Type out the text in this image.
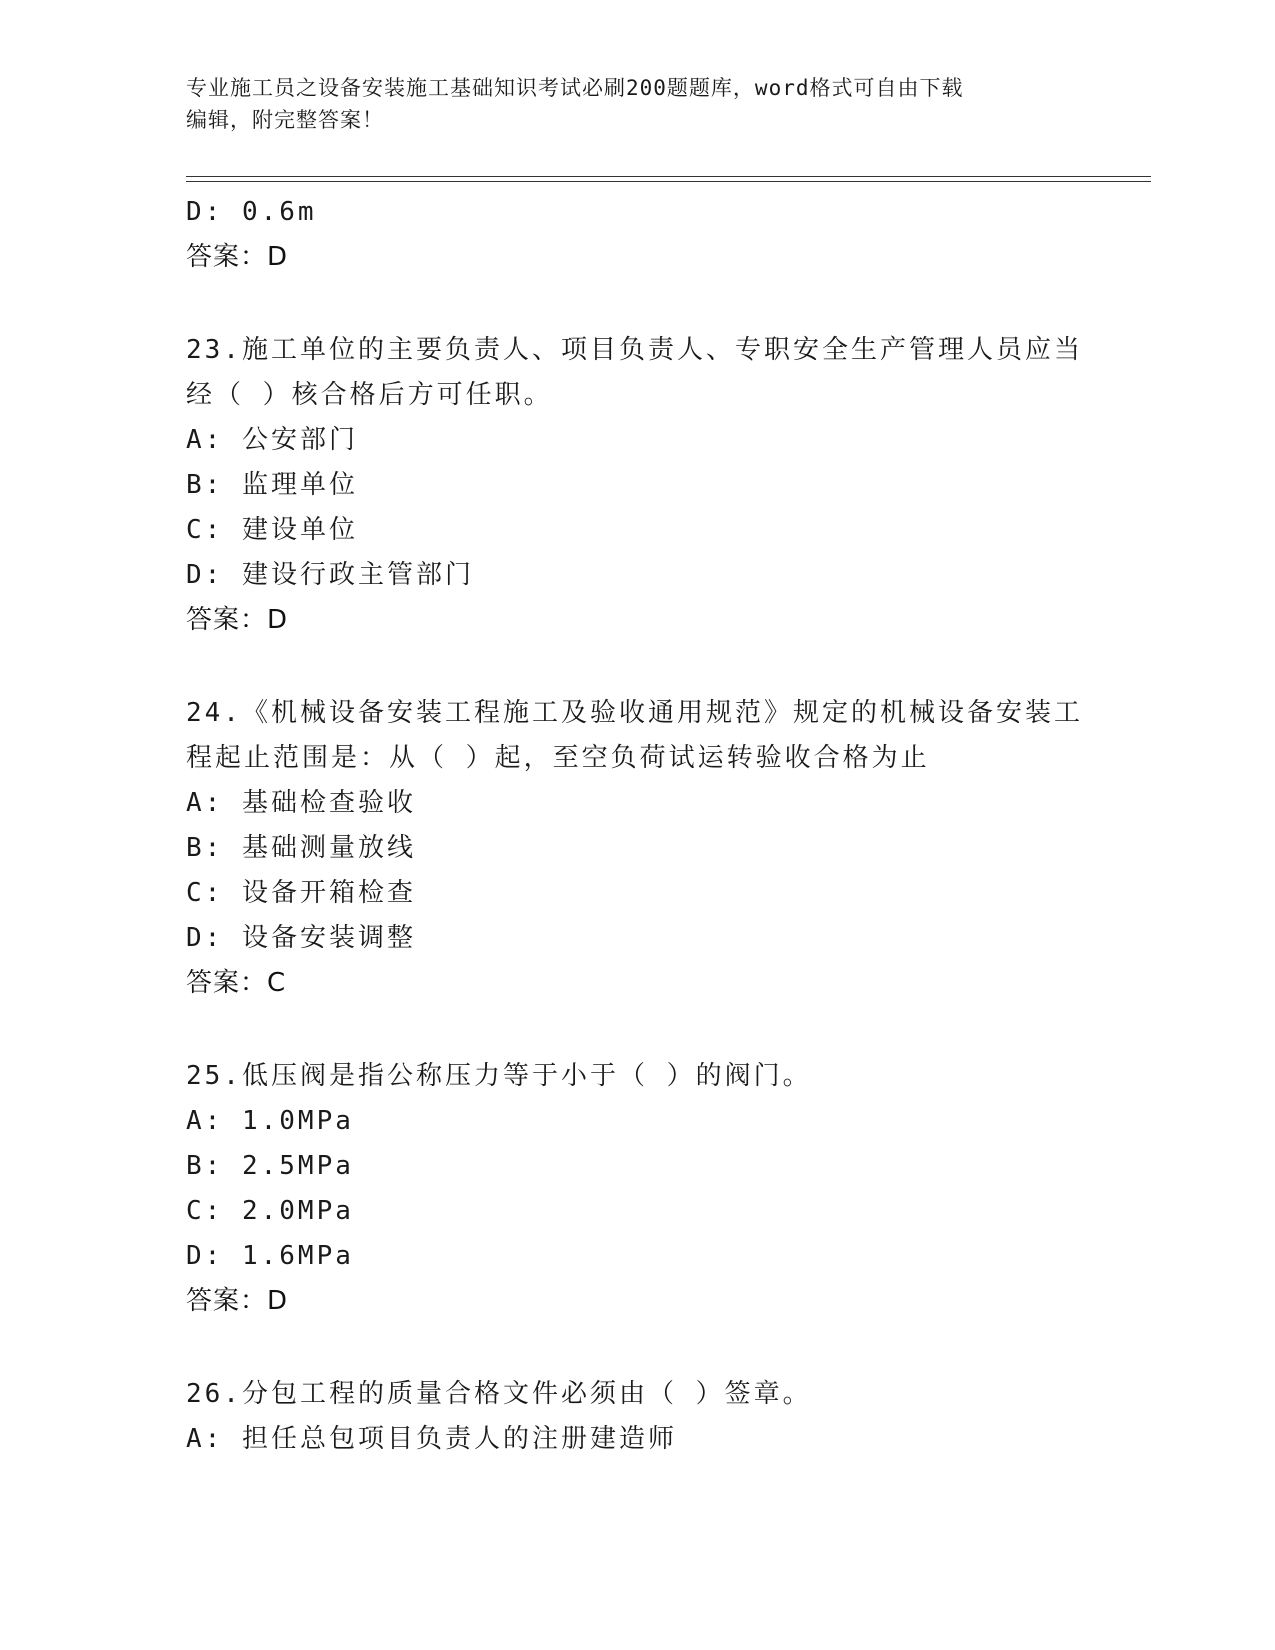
专业施工员之设备安装施工基础知识考试必刷200题题库，word格式可自由下载
编辑，附完整答案！
D: 0.6m
答案：D
23.施工单位的主要负责人、项目负责人、专职安全生产管理人员应当
经（ ）核合格后方可任职。
A: 公安部门
B: 监理单位
C: 建设单位
D: 建设行政主管部门
答案：D
24.《机械设备安装工程施工及验收通用规范》规定的机械设备安装工
程起止范围是：从（ ）起，至空负荷试运转验收合格为止
A: 基础检查验收
B: 基础测量放线
C: 设备开箱检查
D: 设备安装调整
答案：C
25.低压阀是指公称压力等于小于（ ）的阀门。
A: 1.0MPa
B: 2.5MPa
C: 2.0MPa
D: 1.6MPa
答案：D
26.分包工程的质量合格文件必须由（ ）签章。
A: 担任总包项目负责人的注册建造师
